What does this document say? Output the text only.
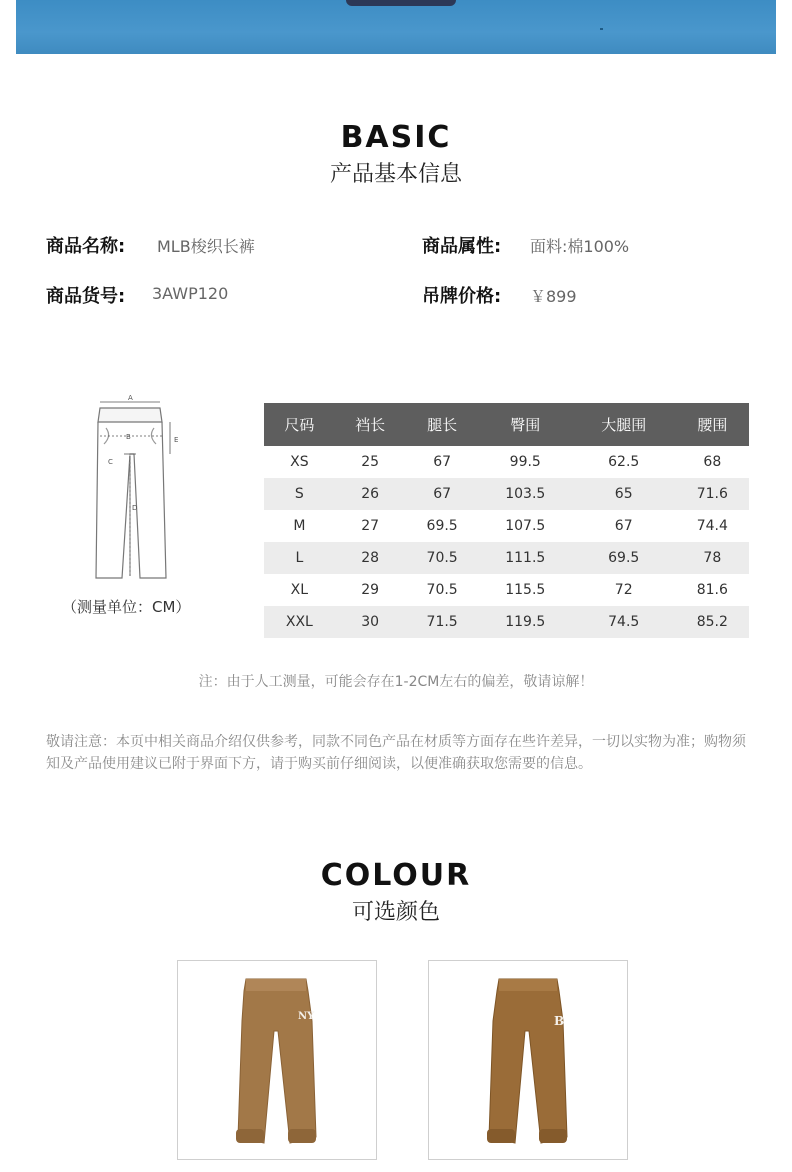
BASIC
产品基本信息
商品名称: MLB梭织长裤	商品属性: 面料:棉100%
商品货号: 3AWP120	吊牌价格: ￥899
A
B
C
D
E
（测量单位：CM）
尺码	裆长	腿长	臀围	大腿围	腰围
XS	25	67	99.5	62.5	68
S	26	67	103.5	65	71.6
M	27	69.5	107.5	67	74.4
L	28	70.5	111.5	69.5	78
XL	29	70.5	115.5	72	81.6
XXL	30	71.5	119.5	74.5	85.2
注：由于人工测量，可能会存在1-2CM左右的偏差，敬请谅解！
敬请注意：本页中相关商品介绍仅供参考，同款不同色产品在材质等方面存在些许差异，一切以实物为准；购物须知及产品使用建议已附于界面下方，请于购买前仔细阅读，以便准确获取您需要的信息。
COLOUR
可选颜色
NY	B
